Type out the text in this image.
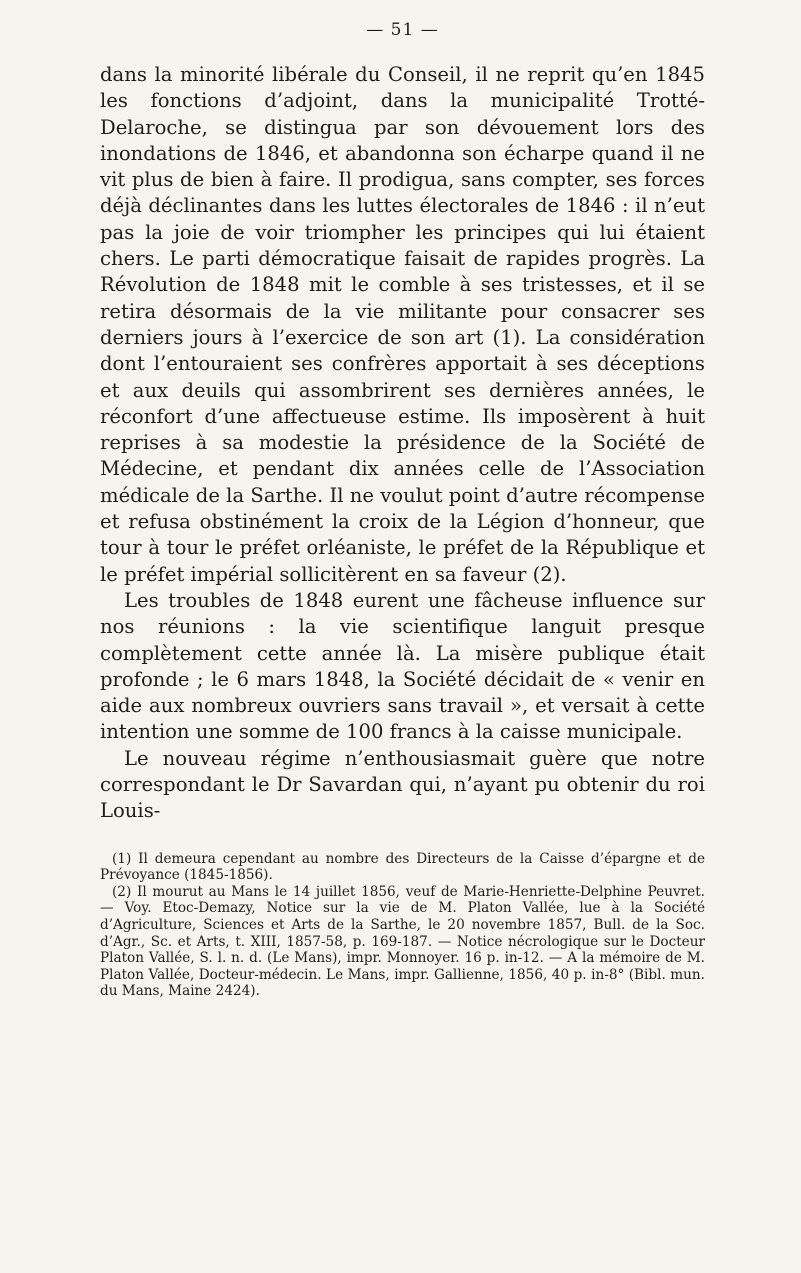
— 51 —

dans la minorité libérale du Conseil, il ne reprit qu’en 1845 les fonctions d’adjoint, dans la municipalité Trotté-Delaroche, se distingua par son dévouement lors des inondations de 1846, et abandonna son écharpe quand il ne vit plus de bien à faire. Il prodigua, sans compter, ses forces déjà déclinantes dans les luttes électorales de 1846 : il n’eut pas la joie de voir triompher les principes qui lui étaient chers. Le parti démocratique faisait de rapides progrès. La Révolution de 1848 mit le comble à ses tristesses, et il se retira désormais de la vie militante pour consacrer ses derniers jours à l’exercice de son art (1). La considération dont l’entouraient ses confrères apportait à ses déceptions et aux deuils qui assombrirent ses dernières années, le réconfort d’une affectueuse estime. Ils imposèrent à huit reprises à sa modestie la présidence de la Société de Médecine, et pendant dix années celle de l’Association médicale de la Sarthe. Il ne voulut point d’autre récompense et refusa obstinément la croix de la Légion d’honneur, que tour à tour le préfet orléaniste, le préfet de la République et le préfet impérial sollicitèrent en sa faveur (2).

Les troubles de 1848 eurent une fâcheuse influence sur nos réunions : la vie scientifique languit presque complètement cette année là. La misère publique était profonde ; le 6 mars 1848, la Société décidait de « venir en aide aux nombreux ouvriers sans travail », et versait à cette intention une somme de 100 francs à la caisse municipale.

Le nouveau régime n’enthousiasmait guère que notre correspondant le Dr Savardan qui, n’ayant pu obtenir du roi Louis-

(1) Il demeura cependant au nombre des Directeurs de la Caisse d’épargne et de Prévoyance (1845-1856).

(2) Il mourut au Mans le 14 juillet 1856, veuf de Marie-Henriette-Delphine Peuvret. — Voy. Etoc-Demazy, Notice sur la vie de M. Platon Vallée, lue à la Société d’Agriculture, Sciences et Arts de la Sarthe, le 20 novembre 1857, Bull. de la Soc. d’Agr., Sc. et Arts, t. XIII, 1857-58, p. 169-187. — Notice nécrologique sur le Docteur Platon Vallée, S. l. n. d. (Le Mans), impr. Monnoyer. 16 p. in-12. — A la mémoire de M. Platon Vallée, Docteur-médecin. Le Mans, impr. Gallienne, 1856, 40 p. in-8° (Bibl. mun. du Mans, Maine 2424).
